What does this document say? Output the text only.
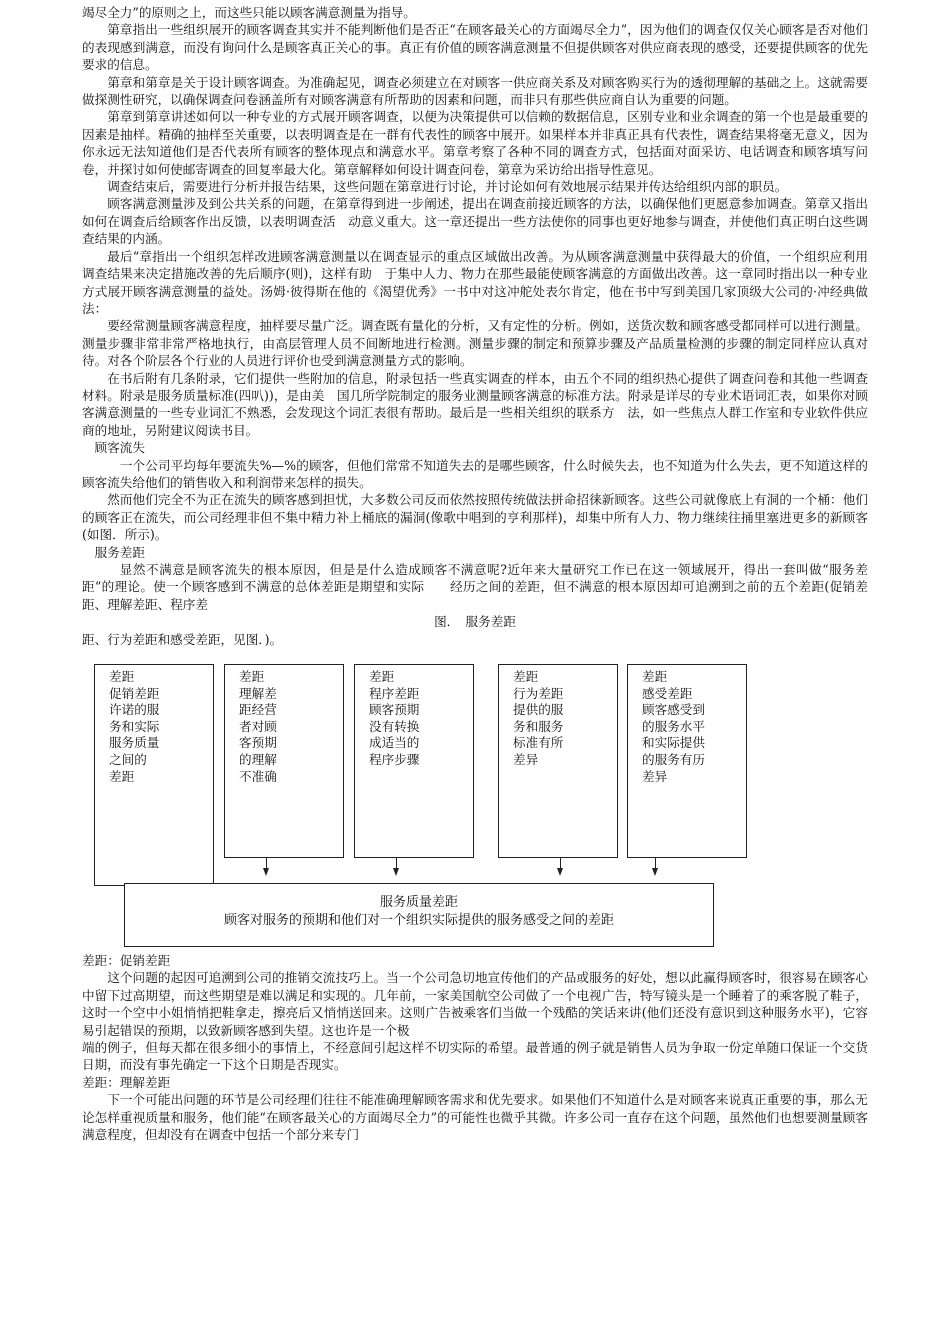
竭尽全力”的原则之上，而这些只能以顾客满意测量为指导。

第章指出一些组织展开的顾客调查其实并不能判断他们是否正“在顾客最关心的方面竭尽全力”，因为他们的调查仅仅关心顾客是否对他们的表现感到满意，而没有询问什么是顾客真正关心的事。真正有价值的顾客满意测量不但提供顾客对供应商表现的感受，还要提供顾客的优先要求的信息。

第章和第章是关于设计顾客调查。为准确起见，调查必须建立在对顾客一供应商关系及对顾客购买行为的透彻理解的基础之上。这就需要做探测性研究，以确保调查问卷涵盖所有对顾客满意有所帮助的因素和问题，而非只有那些供应商自认为重要的问题。

第章到第章讲述如何以一种专业的方式展开顾客调查，以便为决策提供可以信赖的数据信息，区别专业和业余调查的第一个也是最重要的因素是抽样。精确的抽样至关重要，以表明调查是在一群有代表性的顾客中展开。如果样本并非真正具有代表性，调查结果将毫无意义，因为你永远无法知道他们是否代表所有顾客的整体现点和满意水平。第章考察了各种不同的调查方式，包括面对面采访、电话调查和顾客填写问卷，并探讨如何使邮寄调查的回复率最大化。第章解释如何设计调查问卷，第章为采访给出指导性意见。

调查结束后，需要进行分析并报告结果，这些问题在第章进行讨论，并讨论如何有效地展示结果并传达给组织内部的职员。

顾客满意测量涉及到公共关系的问题，在第章得到进一步阐述，提出在调查前接近顾客的方法，以确保他们更愿意参加调查。第章又指出如何在调查后给顾客作出反馈，以表明调查活　动意义重大。这一章还提出一些方法使你的同事也更好地参与调查，并使他们真正明白这些调查结果的内涵。

最后“章指出一个组织怎样改进顾客满意测量以在调查显示的重点区域做出改善。为从顾客满意测量中获得最大的价值，一个组织应利用调查结果来决定措施改善的先后顺序(则)，这样有助　于集中人力、物力在那些最能使顾客满意的方面做出改善。这一章同时指出以一种专业方式展开顾客满意测量的益处。汤姆·彼得斯在他的《渴望优秀》一书中对这冲舵处表尔肯定，他在书中写到美国几家顶级大公司的·冲经典做法：

要经常测量顾客满意程度，抽样要尽量广泛。调查既有量化的分析，又有定性的分析。例如，送货次数和顾客感受都同样可以进行测量。测量步骤非常非常严格地执行，由高层管理人员不间断地进行检测。测量步骤的制定和预算步骤及产品质量检测的步骤的制定同样应认真对待。对各个阶层各个行业的人员进行评价也受到满意测量方式的影响。

在书后附有几条附录，它们提供一些附加的信息，附录包括一些真实调查的样本，由五个不同的组织热心提供了调查问卷和其他一些调查材料。附录是服务质量标准(四叭))，是由美　国几所学院制定的服务业测量顾客满意的标准方法。附录是详尽的专业术语词汇表，如果你对顾客满意测量的一些专业词汇不熟悉，会发现这个词汇表很有帮助。最后是一些相关组织的联系方　法，如一些焦点人群工作室和专业软件供应商的地址，另附建议阅读书目。

顾客流失

一个公司平均每年要流失%—%的顾客，但他们常常不知道失去的是哪些顾客，什么时候失去，也不知道为什么失去，更不知道这样的顾客流失给他们的销售收入和利润带来怎样的损失。

然而他们完全不为正在流失的顾客感到担忧，大多数公司反而依然按照传统做法拼命招徕新顾客。这些公司就像底上有洞的一个桶：他们的顾客正在流失，而公司经理非但不集中精力补上桶底的漏洞(像歌中唱到的亨利那样)，却集中所有人力、物力继续往捅里塞进更多的新顾客(如图．所示)。

服务差距

显然不满意是顾客流失的根本原因，但是是什么造成顾客不满意呢?近年来大量研究工作已在这一领域展开，得出一套叫做“服务差距”的理论。使一个顾客感到不满意的总体差距是期望和实际　　经历之间的差距，但不满意的根本原因却可追溯到之前的五个差距(促销差距、理解差距、程序差

图．　服务差距

距、行为差距和感受差距，见图．)。

差距
促销差距
许诺的服
务和实际
服务质量
之间的
差距
差距
理解差
距经营
者对顾
客预期
的理解
不准确
差距
程序差距
顾客预期
没有转换
成适当的
程序步骤
差距
行为差距
提供的服
务和服务
标准有所
差异
差距
感受差距
顾客感受到
的服务水平
和实际提供
的服务有历
差异
服务质量差距
顾客对服务的预期和他们对一个组织实际提供的服务感受之间的差距

差距：促销差距

这个问题的起因可追溯到公司的推销交流技巧上。当一个公司急切地宣传他们的产品或服务的好处，想以此赢得顾客时，很容易在顾客心中留下过高期望，而这些期望是难以满足和实现的。几年前，一家美国航空公司做了一个电视广告，特写镜头是一个睡着了的乘客脱了鞋子，这时一个空中小姐悄悄把鞋拿走，擦亮后又悄悄送回来。这则广告被乘客们当做一个残酷的笑话来讲(他们还没有意识到这种服务水平)，它容易引起错误的预期，以致新顾客感到失望。这也许是一个极

端的例子，但每天都在很多细小的事情上，不经意间引起这样不切实际的希望。最普通的例子就是销售人员为争取一份定单随口保证一个交货日期，而没有事先确定一下这个日期是否现实。

差距：理解差距

下一个可能出问题的环节是公司经理们往往不能准确理解顾客需求和优先要求。如果他们不知道什么是对顾客来说真正重要的事，那么无论怎样重视质量和服务，他们能“在顾客最关心的方面竭尽全力”的可能性也微乎其微。许多公司一直存在这个问题，虽然他们也想要测量顾客满意程度，但却没有在调查中包括一个部分来专门
